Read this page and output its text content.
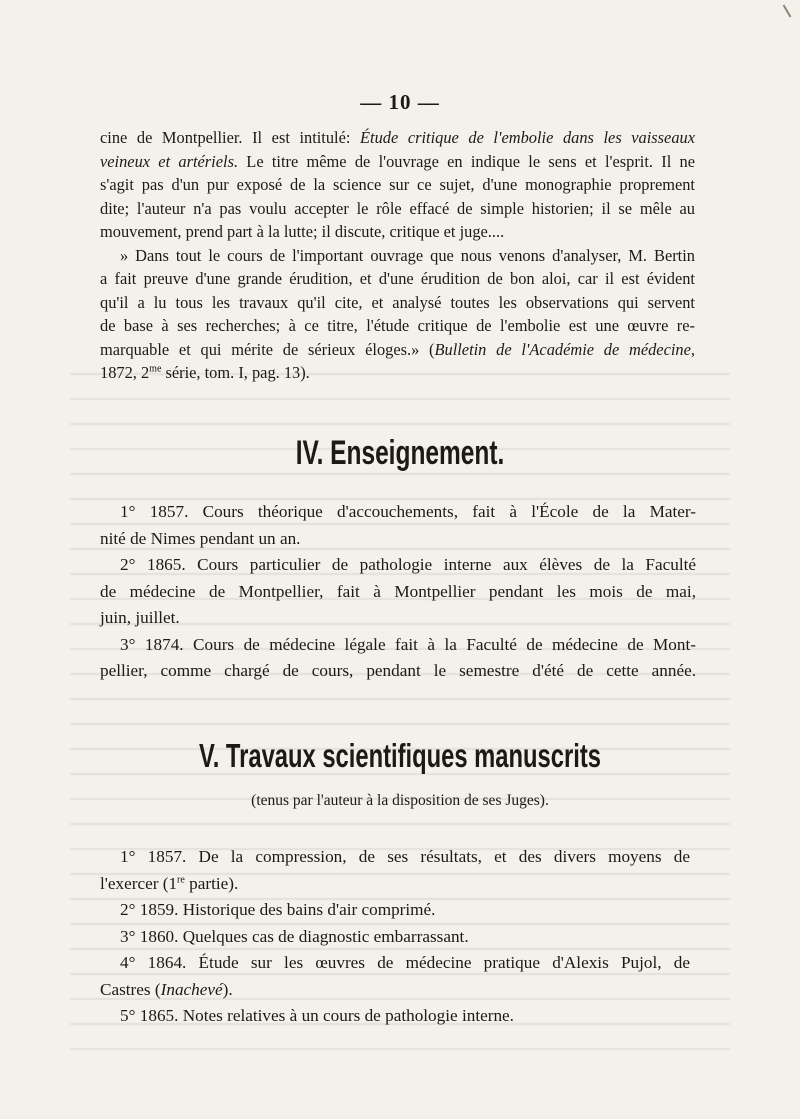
— 10 —
cine de Montpellier. Il est intitulé: Étude critique de l'embolie dans les vaisseaux
veineux et artériels. Le titre même de l'ouvrage en indique le sens et l'esprit. Il ne
s'agit pas d'un pur exposé de la science sur ce sujet, d'une monographie proprement
dite; l'auteur n'a pas voulu accepter le rôle effacé de simple historien; il se mêle au
mouvement, prend part à la lutte; il discute, critique et juge....
» Dans tout le cours de l'important ouvrage que nous venons d'analyser, M. Bertin
a fait preuve d'une grande érudition, et d'une érudition de bon aloi, car il est évident
qu'il a lu tous les travaux qu'il cite, et analysé toutes les observations qui servent
de base à ses recherches; à ce titre, l'étude critique de l'embolie est une œuvre re-
marquable et qui mérite de sérieux éloges.» (Bulletin de l'Académie de médecine,
1872, $2^{me}$ série, tom. I, pag. 13).
IV. Enseignement.
1° 1857. Cours théorique d'accouchements, fait à l'École de la Mater-
nité de Nimes pendant un an.
2° 1865. Cours particulier de pathologie interne aux élèves de la Faculté
de médecine de Montpellier, fait à Montpellier pendant les mois de mai,
juin, juillet.
3° 1874. Cours de médecine légale fait à la Faculté de médecine de Mont-
pellier, comme chargé de cours, pendant le semestre d'été de cette année.
V. Travaux scientifiques manuscrits
(tenus par l'auteur à la disposition de ses Juges).
1° 1857. De la compression, de ses résultats, et des divers moyens de
l'exercer (1re partie).
2° 1859. Historique des bains d'air comprimé.
3° 1860. Quelques cas de diagnostic embarrassant.
4° 1864. Étude sur les œuvres de médecine pratique d'Alexis Pujol, de
Castres (Inachevé).
5° 1865. Notes relatives à un cours de pathologie interne.
